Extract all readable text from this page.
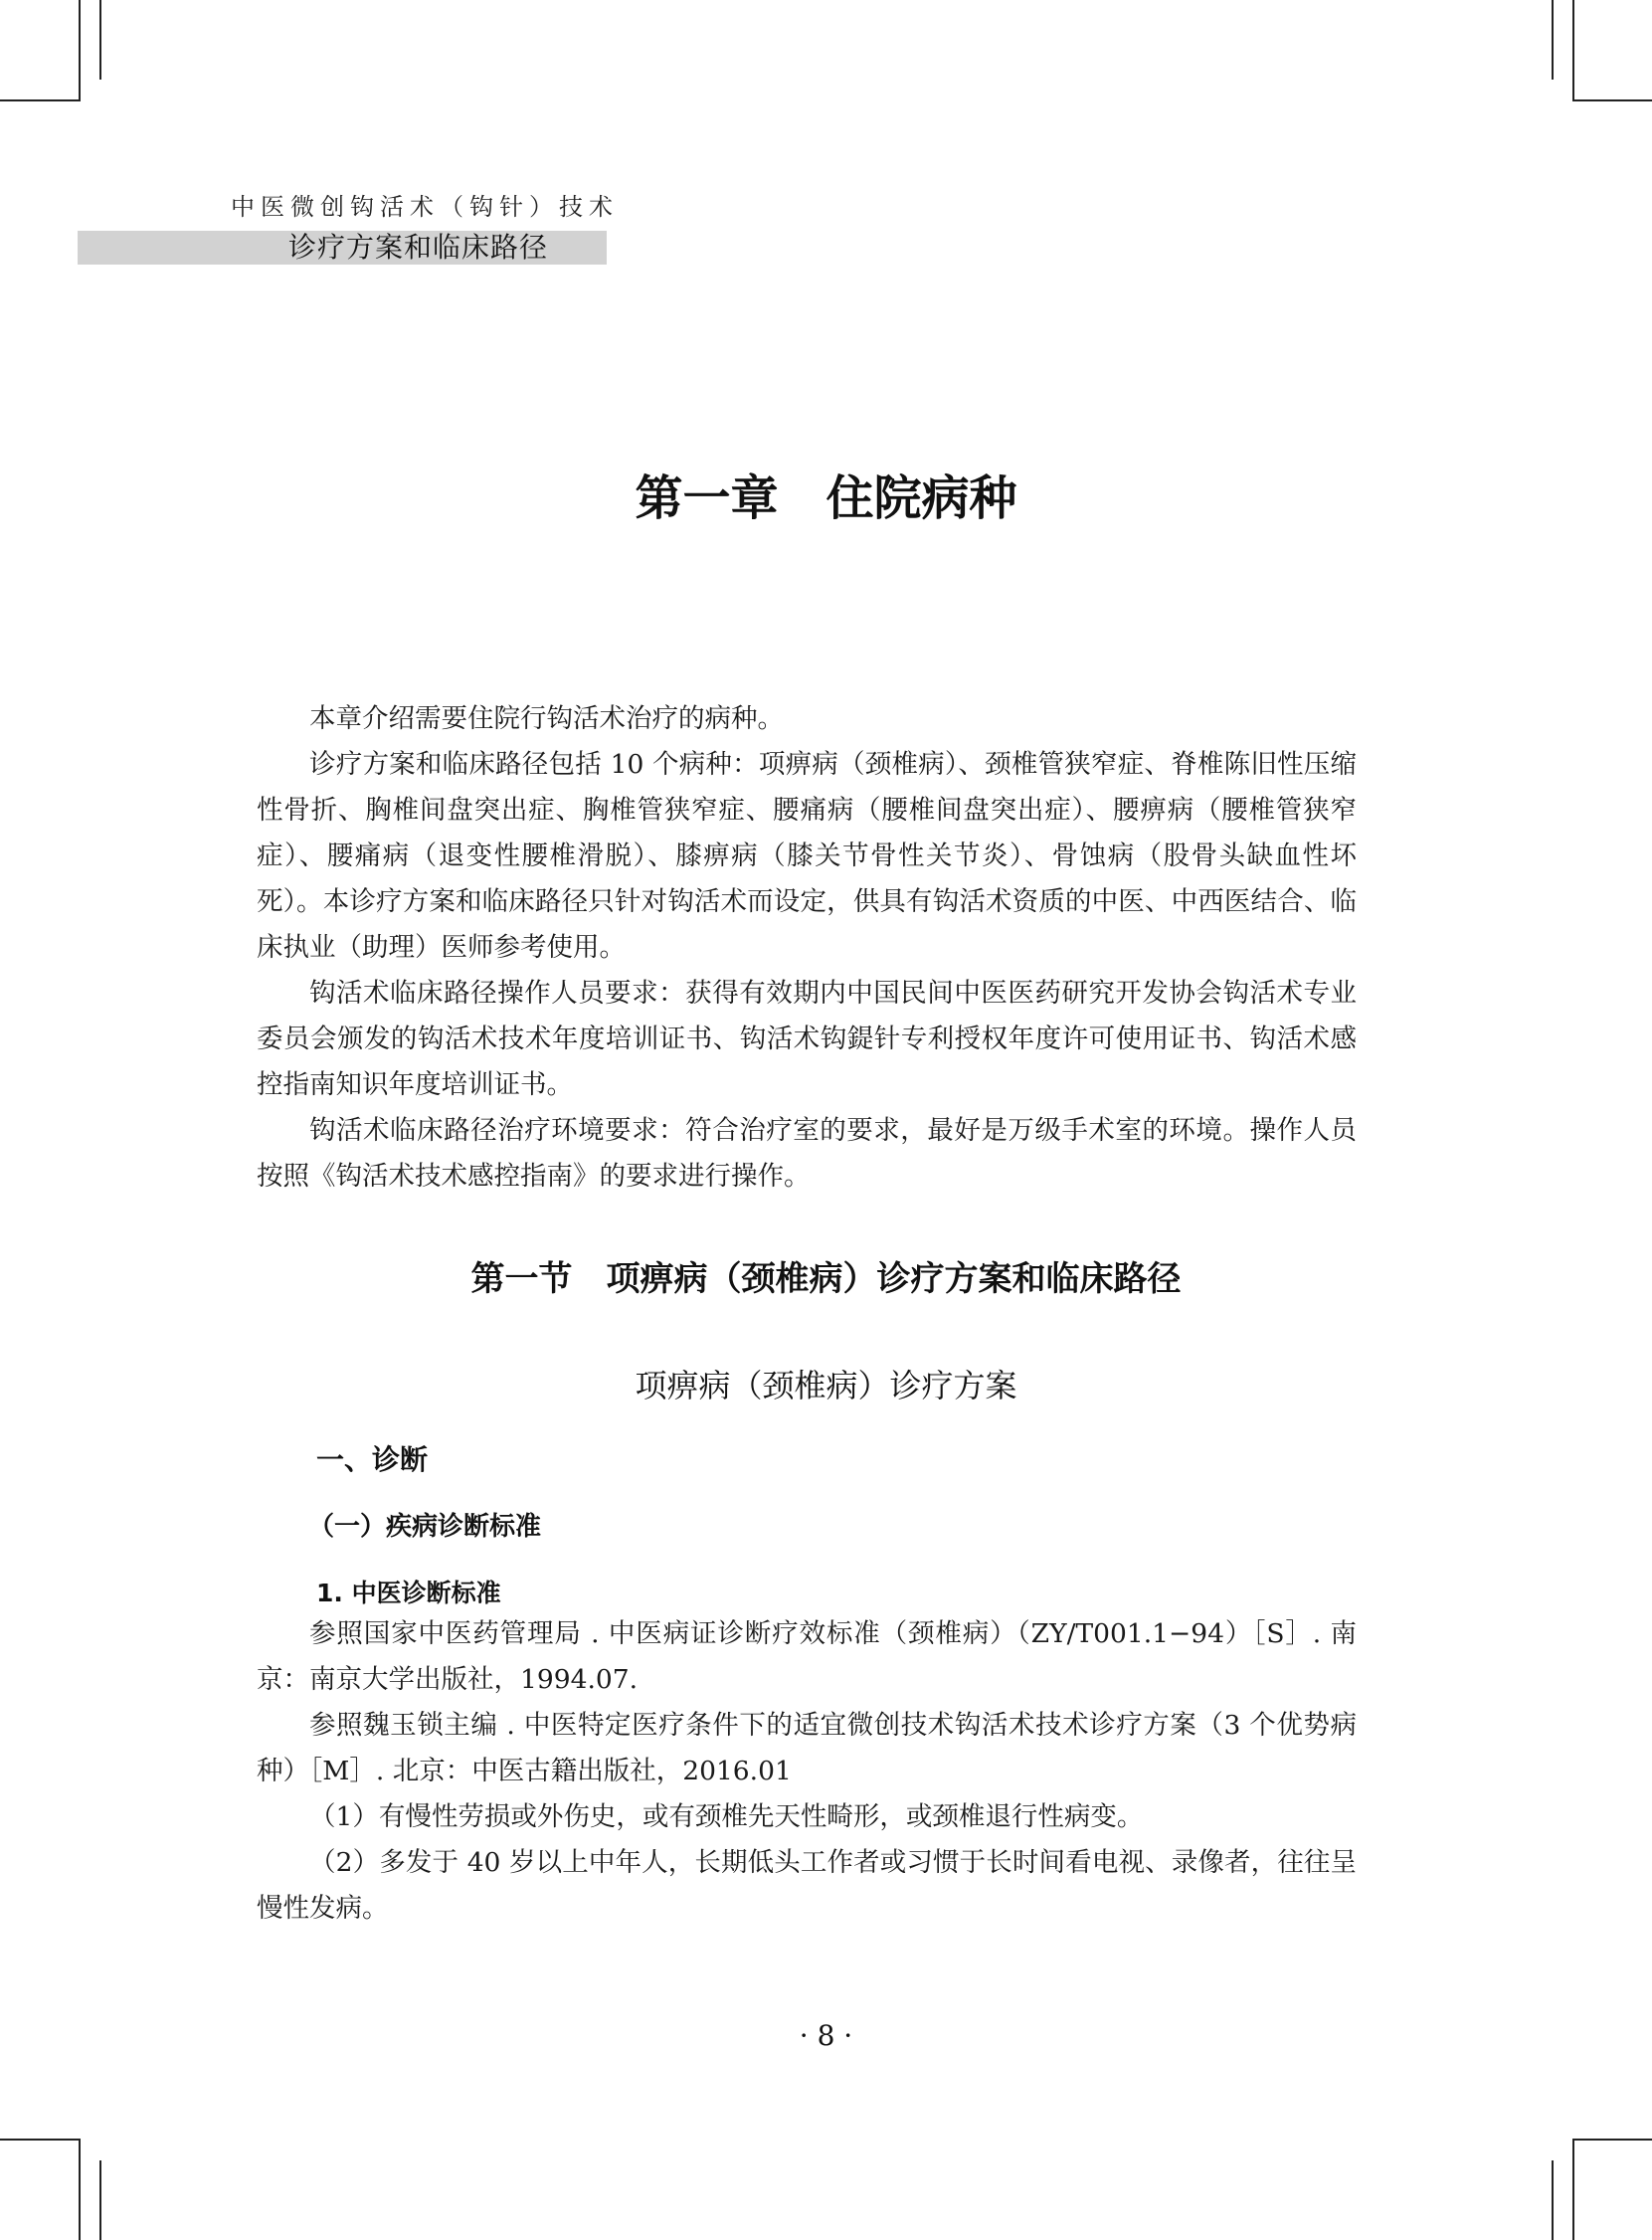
中医微创钩活术（钩针）技术
诊疗方案和临床路径
第一章　住院病种

本章介绍需要住院行钩活术治疗的病种。

诊疗方案和临床路径包括 10 个病种：项痹病（颈椎病）、颈椎管狭窄症、脊椎陈旧性压缩性骨折、胸椎间盘突出症、胸椎管狭窄症、腰痛病（腰椎间盘突出症）、腰痹病（腰椎管狭窄症）、腰痛病（退变性腰椎滑脱）、膝痹病（膝关节骨性关节炎）、骨蚀病（股骨头缺血性坏死）。本诊疗方案和临床路径只针对钩活术而设定，供具有钩活术资质的中医、中西医结合、临床执业（助理）医师参考使用。

钩活术临床路径操作人员要求：获得有效期内中国民间中医医药研究开发协会钩活术专业委员会颁发的钩活术技术年度培训证书、钩活术钩鍉针专利授权年度许可使用证书、钩活术感控指南知识年度培训证书。

钩活术临床路径治疗环境要求：符合治疗室的要求，最好是万级手术室的环境。操作人员按照《钩活术技术感控指南》的要求进行操作。

第一节　项痹病（颈椎病）诊疗方案和临床路径
项痹病（颈椎病）诊疗方案
一、诊断
（一）疾病诊断标准
1. 中医诊断标准

参照国家中医药管理局 . 中医病证诊断疗效标准（颈椎病）（ZY/T001.1−94）［S］. 南京：南京大学出版社，1994.07.

参照魏玉锁主编 . 中医特定医疗条件下的适宜微创技术钩活术技术诊疗方案（3 个优势病种）［M］. 北京：中医古籍出版社，2016.01

（1）有慢性劳损或外伤史，或有颈椎先天性畸形，或颈椎退行性病变。

（2）多发于 40 岁以上中年人，长期低头工作者或习惯于长时间看电视、录像者，往往呈慢性发病。

· 8 ·
